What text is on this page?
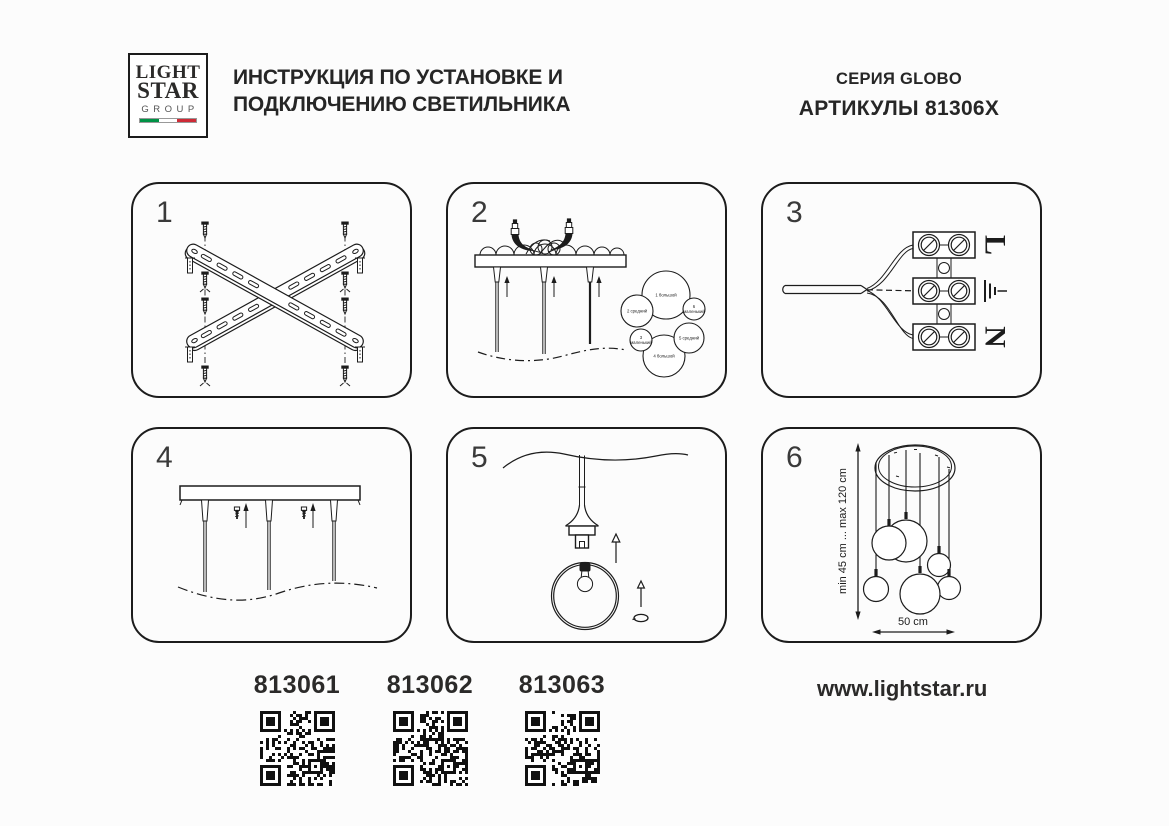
LIGHT
STAR
GROUP
ИНСТРУКЦИЯ ПО УСТАНОВКЕ И
ПОДКЛЮЧЕНИЮ СВЕТИЛЬНИКА
СЕРИЯ GLOBO
АРТИКУЛЫ 81306X
1	2
1 большой
2 средний
3
маленький
4 большой
5 средний
6
маленький
3
L
N
4	5	6
min 45 cm ... max 120 cm
50 cm
813061	813062	813063	www.lightstar.ru
